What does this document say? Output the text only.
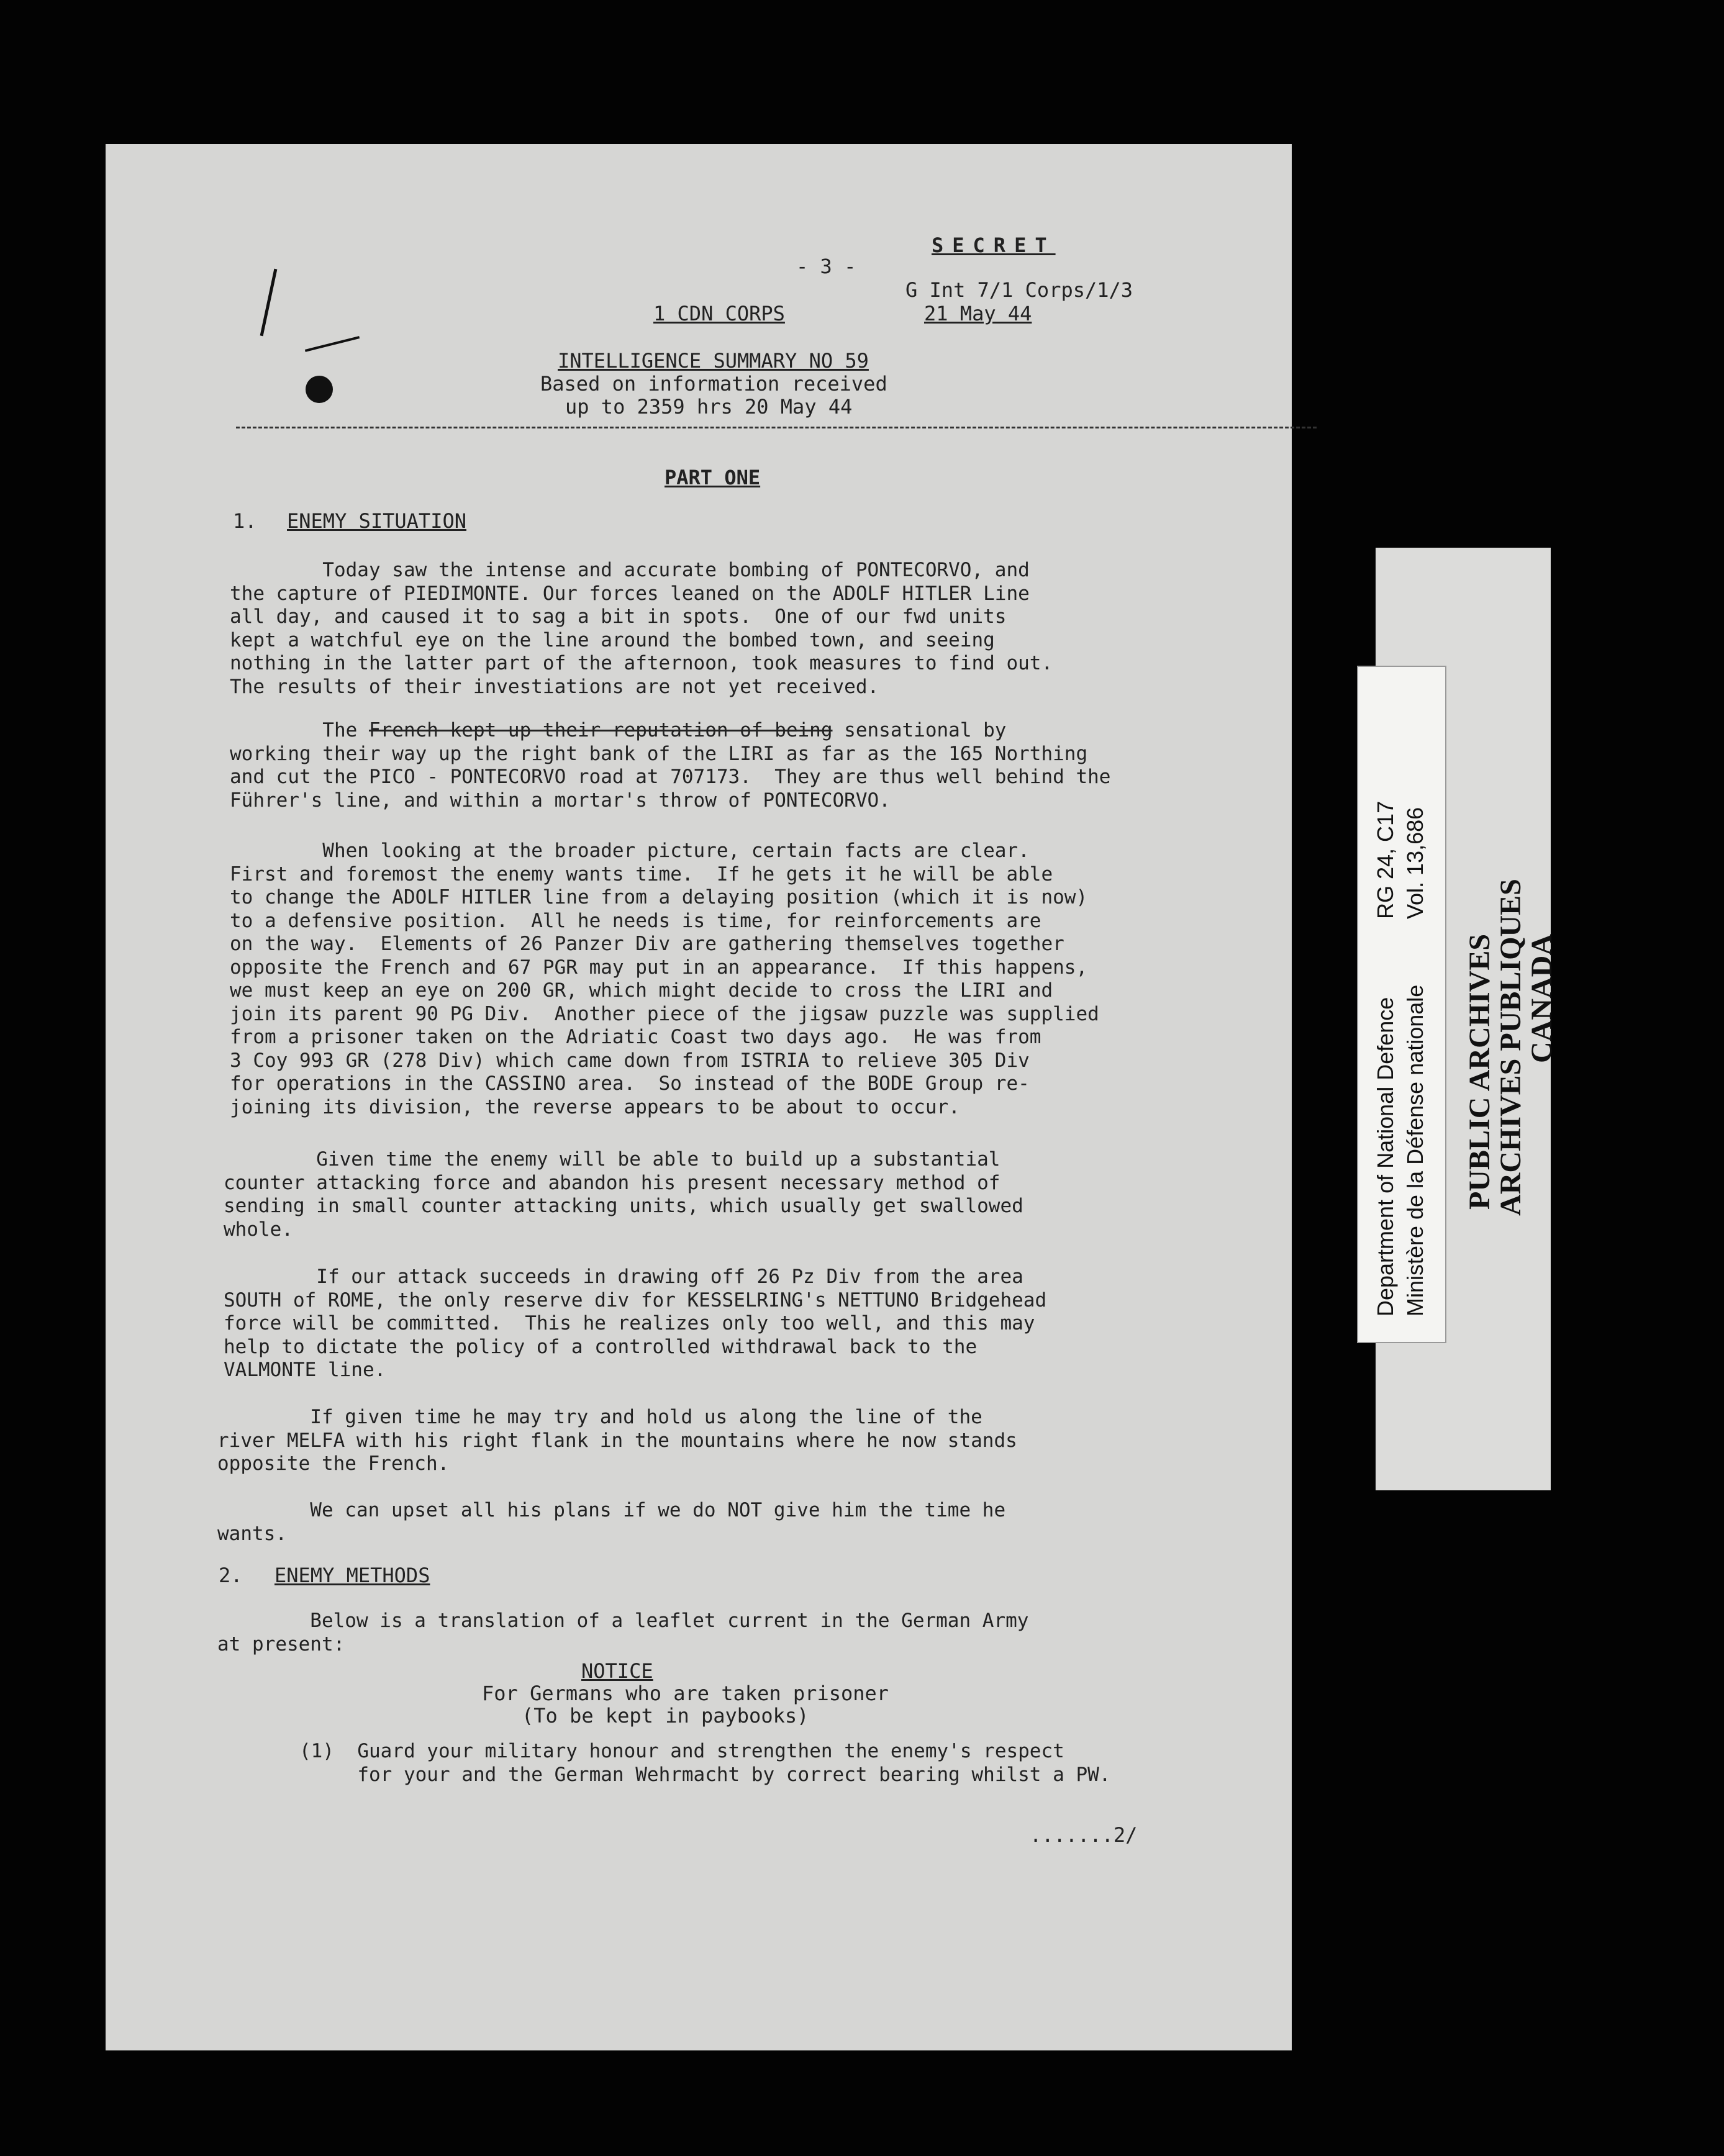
- 3 -
SECRET
G Int 7/1 Corps/1/3
21 May 44
1 CDN CORPS
INTELLIGENCE SUMMARY NO 59
Based on information received
up to 2359 hrs 20 May 44
PART ONE
1. ENEMY SITUATION
Today saw the intense and accurate bombing of PONTECORVO, and
the capture of PIEDIMONTE. Our forces leaned on the ADOLF HITLER Line
all day, and caused it to sag a bit in spots.  One of our fwd units
kept a watchful eye on the line around the bombed town, and seeing
nothing in the latter part of the afternoon, took measures to find out.
The results of their investiations are not yet received.
The French kept up their reputation of being sensational by
working their way up the right bank of the LIRI as far as the 165 Northing
and cut the PICO - PONTECORVO road at 707173.  They are thus well behind the
Führer's line, and within a mortar's throw of PONTECORVO.
When looking at the broader picture, certain facts are clear.
First and foremost the enemy wants time.  If he gets it he will be able
to change the ADOLF HITLER line from a delaying position (which it is now)
to a defensive position.  All he needs is time, for reinforcements are
on the way.  Elements of 26 Panzer Div are gathering themselves together
opposite the French and 67 PGR may put in an appearance.  If this happens,
we must keep an eye on 200 GR, which might decide to cross the LIRI and
join its parent 90 PG Div.  Another piece of the jigsaw puzzle was supplied
from a prisoner taken on the Adriatic Coast two days ago.  He was from
3 Coy 993 GR (278 Div) which came down from ISTRIA to relieve 305 Div
for operations in the CASSINO area.  So instead of the BODE Group re-
joining its division, the reverse appears to be about to occur.
Given time the enemy will be able to build up a substantial
counter attacking force and abandon his present necessary method of
sending in small counter attacking units, which usually get swallowed
whole.
If our attack succeeds in drawing off 26 Pz Div from the area
SOUTH of ROME, the only reserve div for KESSELRING's NETTUNO Bridgehead
force will be committed.  This he realizes only too well, and this may
help to dictate the policy of a controlled withdrawal back to the
VALMONTE line.
If given time he may try and hold us along the line of the
river MELFA with his right flank in the mountains where he now stands
opposite the French.
We can upset all his plans if we do NOT give him the time he
wants.
2. ENEMY METHODS
Below is a translation of a leaflet current in the German Army
at present:
NOTICE
For Germans who are taken prisoner
(To be kept in paybooks)
(1)  Guard your military honour and strengthen the enemy's respect
for your and the German Wehrmacht by correct bearing whilst a PW.
.......2/
Department of National Defence Ministère de la Défense nationale
RG 24, C17 Vol. 13,686
PUBLIC ARCHIVES
ARCHIVES PUBLIQUES
CANADA
